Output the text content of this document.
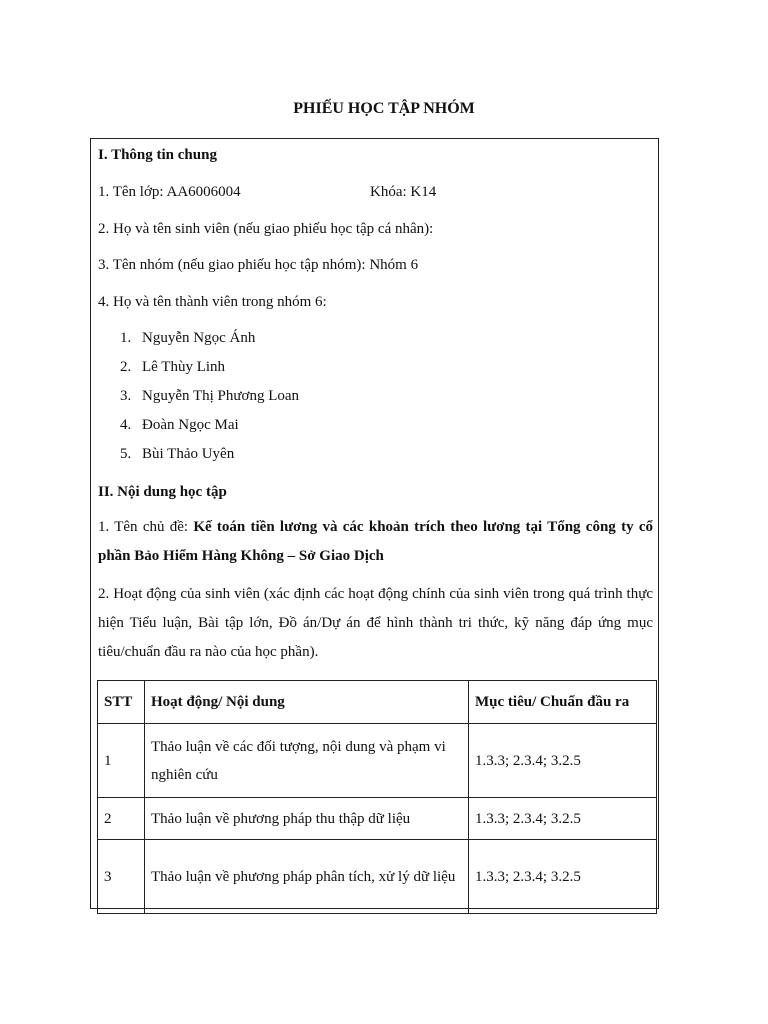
PHIẾU HỌC TẬP NHÓM
I. Thông tin chung
1. Tên lớp: AA6006004	Khóa: K14
2. Họ và tên sinh viên (nếu giao phiếu học tập cá nhân):
3. Tên nhóm (nếu giao phiếu học tập nhóm): Nhóm 6
4. Họ và tên thành viên trong nhóm 6:
1. Nguyễn Ngọc Ánh
2. Lê Thùy Linh
3. Nguyễn Thị Phương Loan
4. Đoàn Ngọc Mai
5. Bùi Thảo Uyên
II. Nội dung học tập
1. Tên chủ đề: Kế toán tiền lương và các khoản trích theo lương tại Tổng công ty cổ phần Bảo Hiểm Hàng Không – Sở Giao Dịch
2. Hoạt động của sinh viên (xác định các hoạt động chính của sinh viên trong quá trình thực hiện Tiểu luận, Bài tập lớn, Đồ án/Dự án để hình thành tri thức, kỹ năng đáp ứng mục tiêu/chuẩn đầu ra nào của học phần).
STT	Hoạt động/ Nội dung	Mục tiêu/ Chuẩn đầu ra
1	Thảo luận về các đối tượng, nội dung và phạm vi nghiên cứu	1.3.3; 2.3.4; 3.2.5
2	Thảo luận về phương pháp thu thập dữ liệu	1.3.3; 2.3.4; 3.2.5
3	Thảo luận về phương pháp phân tích, xử lý dữ liệu	1.3.3; 2.3.4; 3.2.5
